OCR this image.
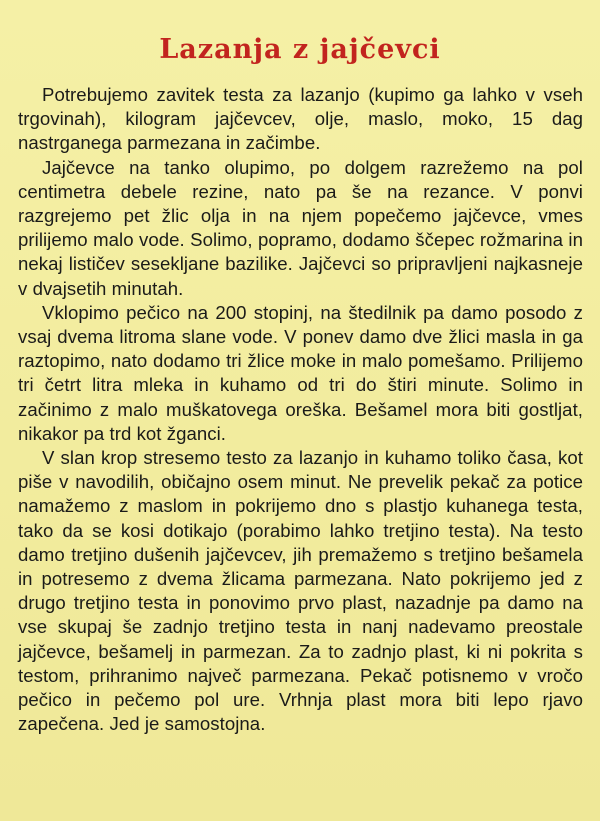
Lazanja z jajčevci

Potrebujemo zavitek testa za lazanjo (kupimo ga lahko v vseh trgovinah), kilogram jajčevcev, olje, maslo, moko, 15 dag nastrganega parmezana in začimbe.

Jajčevce na tanko olupimo, po dolgem razrežemo na pol centimetra debele rezine, nato pa še na rezance. V ponvi razgrejemo pet žlic olja in na njem popečemo jajčevce, vmes prilijemo malo vode. Solimo, popramo, dodamo ščepec rožmarina in nekaj lističev sesekljane bazilike. Jajčevci so pripravljeni najkasneje v dvajsetih minutah.

Vklopimo pečico na 200 stopinj, na štedilnik pa damo posodo z vsaj dvema litroma slane vode. V ponev damo dve žlici masla in ga raztopimo, nato dodamo tri žlice moke in malo pomešamo. Prilijemo tri četrt litra mleka in kuhamo od tri do štiri minute. Solimo in začinimo z malo muškatovega oreška. Bešamel mora biti gostljat, nikakor pa trd kot žganci.

V slan krop stresemo testo za lazanjo in kuhamo toliko časa, kot piše v navodilih, običajno osem minut. Ne prevelik pekač za potice namažemo z maslom in pokrijemo dno s plastjo kuhanega testa, tako da se kosi dotikajo (porabimo lahko tretjino testa). Na testo damo tretjino dušenih jajčevcev, jih premažemo s tretjino bešamela in potresemo z dvema žlicama parmezana. Nato pokrijemo jed z drugo tretjino testa in ponovimo prvo plast, nazadnje pa damo na vse skupaj še zadnjo tretjino testa in nanj nadevamo preostale jajčevce, bešamelj in parmezan. Za to zadnjo plast, ki ni pokrita s testom, prihranimo največ parmezana. Pekač potisnemo v vročo pečico in pečemo pol ure. Vrhnja plast mora biti lepo rjavo zapečena. Jed je samostojna.
